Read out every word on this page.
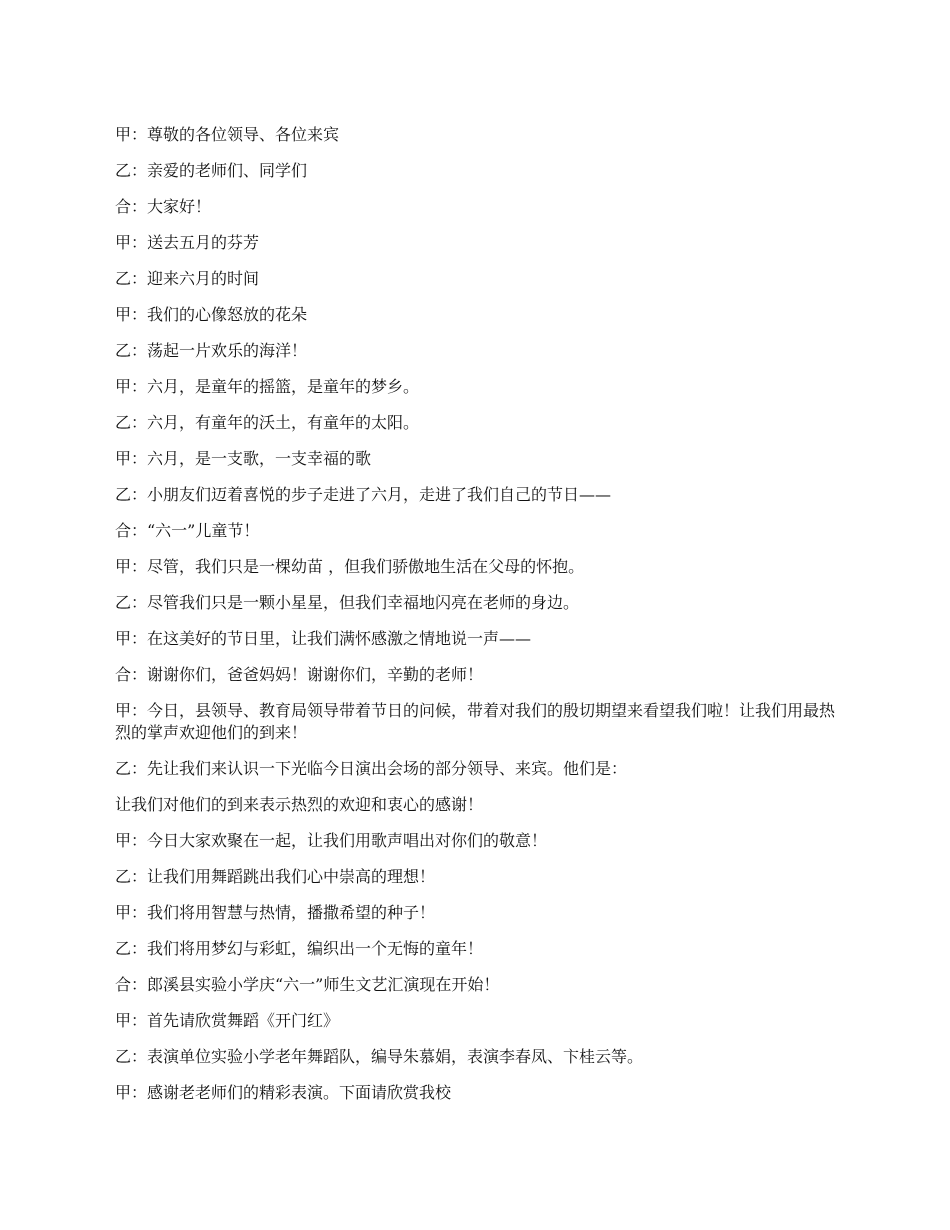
甲：尊敬的各位领导、各位来宾

乙：亲爱的老师们、同学们

合：大家好！

甲：送去五月的芬芳

乙：迎来六月的时间

甲：我们的心像怒放的花朵

乙：荡起一片欢乐的海洋！

甲：六月，是童年的摇篮，是童年的梦乡。

乙：六月，有童年的沃土，有童年的太阳。

甲：六月，是一支歌，一支幸福的歌

乙：小朋友们迈着喜悦的步子走进了六月，走进了我们自己的节日——

合：“六一”儿童节！

甲：尽管，我们只是一棵幼苗 ，但我们骄傲地生活在父母的怀抱。

乙：尽管我们只是一颗小星星，但我们幸福地闪亮在老师的身边。

甲：在这美好的节日里，让我们满怀感激之情地说一声——

合：谢谢你们，爸爸妈妈！谢谢你们，辛勤的老师！

甲：今日，县领导、教育局领导带着节日的问候，带着对我们的殷切期望来看望我们啦！让我们用最热烈的掌声欢迎他们的到来！

乙：先让我们来认识一下光临今日演出会场的部分领导、来宾。他们是：

让我们对他们的到来表示热烈的欢迎和衷心的感谢！

甲：今日大家欢聚在一起，让我们用歌声唱出对你们的敬意！

乙：让我们用舞蹈跳出我们心中崇高的理想！

甲：我们将用智慧与热情，播撒希望的种子！

乙：我们将用梦幻与彩虹，编织出一个无悔的童年！

合：郎溪县实验小学庆“六一”师生文艺汇演现在开始！

甲：首先请欣赏舞蹈《开门红》

乙：表演单位实验小学老年舞蹈队，编导朱慕娟，表演李春凤、卞桂云等。

甲：感谢老老师们的精彩表演。下面请欣赏我校
